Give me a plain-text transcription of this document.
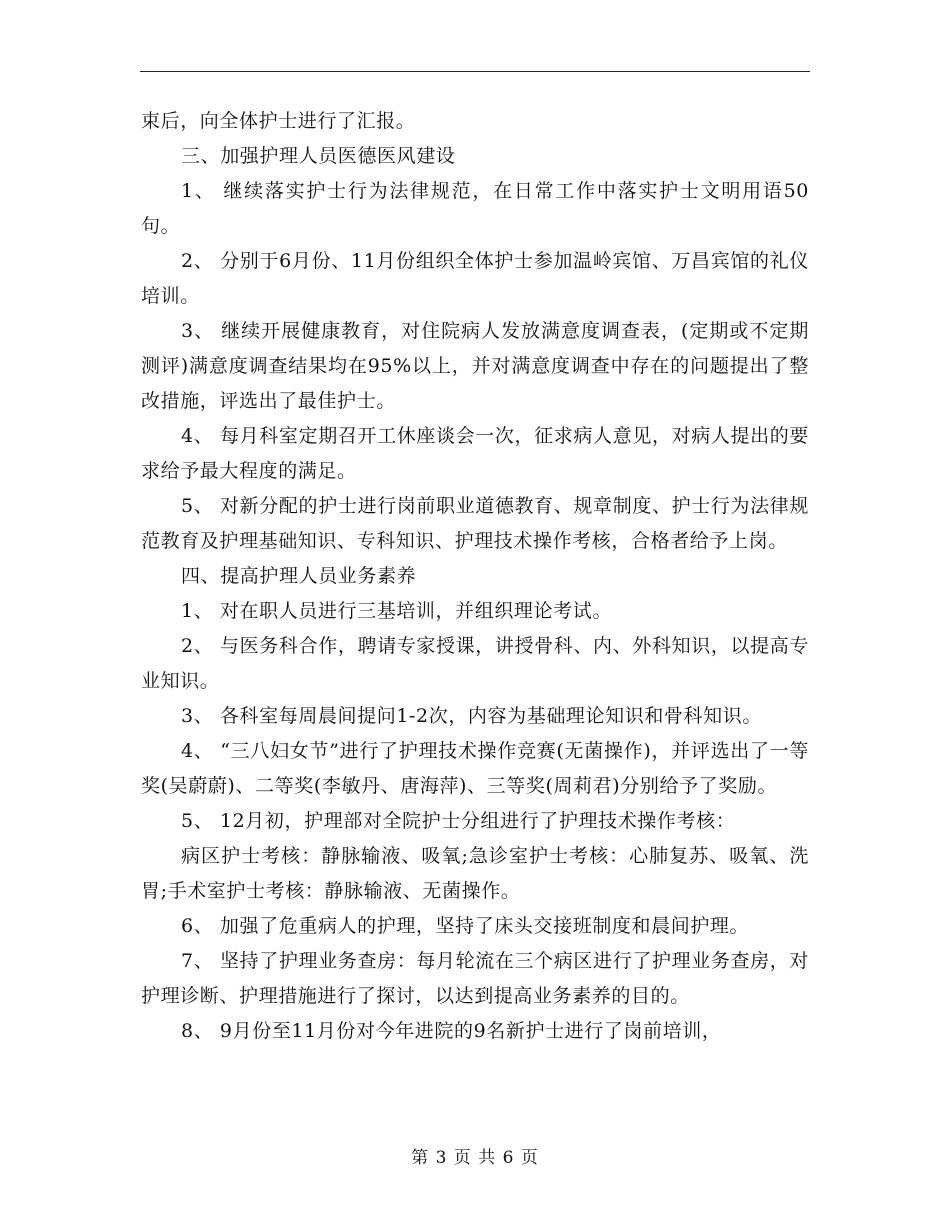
束后，向全体护士进行了汇报。

三、加强护理人员医德医风建设

1、 继续落实护士行为法律规范，在日常工作中落实护士文明用语50句。

2、 分别于6月份、11月份组织全体护士参加温岭宾馆、万昌宾馆的礼仪培训。

3、 继续开展健康教育，对住院病人发放满意度调查表，(定期或不定期测评)满意度调查结果均在95%以上，并对满意度调查中存在的问题提出了整改措施，评选出了最佳护士。

4、 每月科室定期召开工休座谈会一次，征求病人意见，对病人提出的要求给予最大程度的满足。

5、 对新分配的护士进行岗前职业道德教育、规章制度、护士行为法律规范教育及护理基础知识、专科知识、护理技术操作考核，合格者给予上岗。

四、提高护理人员业务素养

1、 对在职人员进行三基培训，并组织理论考试。

2、 与医务科合作，聘请专家授课，讲授骨科、内、外科知识，以提高专业知识。

3、 各科室每周晨间提问1-2次，内容为基础理论知识和骨科知识。

4、 “三八妇女节”进行了护理技术操作竞赛(无菌操作)，并评选出了一等奖(吴蔚蔚)、二等奖(李敏丹、唐海萍)、三等奖(周莉君)分别给予了奖励。

5、 12月初，护理部对全院护士分组进行了护理技术操作考核：

病区护士考核：静脉输液、吸氧;急诊室护士考核：心肺复苏、吸氧、洗胃;手术室护士考核：静脉输液、无菌操作。

6、 加强了危重病人的护理，坚持了床头交接班制度和晨间护理。

7、 坚持了护理业务查房：每月轮流在三个病区进行了护理业务查房，对护理诊断、护理措施进行了探讨，以达到提高业务素养的目的。

8、 9月份至11月份对今年进院的9名新护士进行了岗前培训，

第 3 页 共 6 页
